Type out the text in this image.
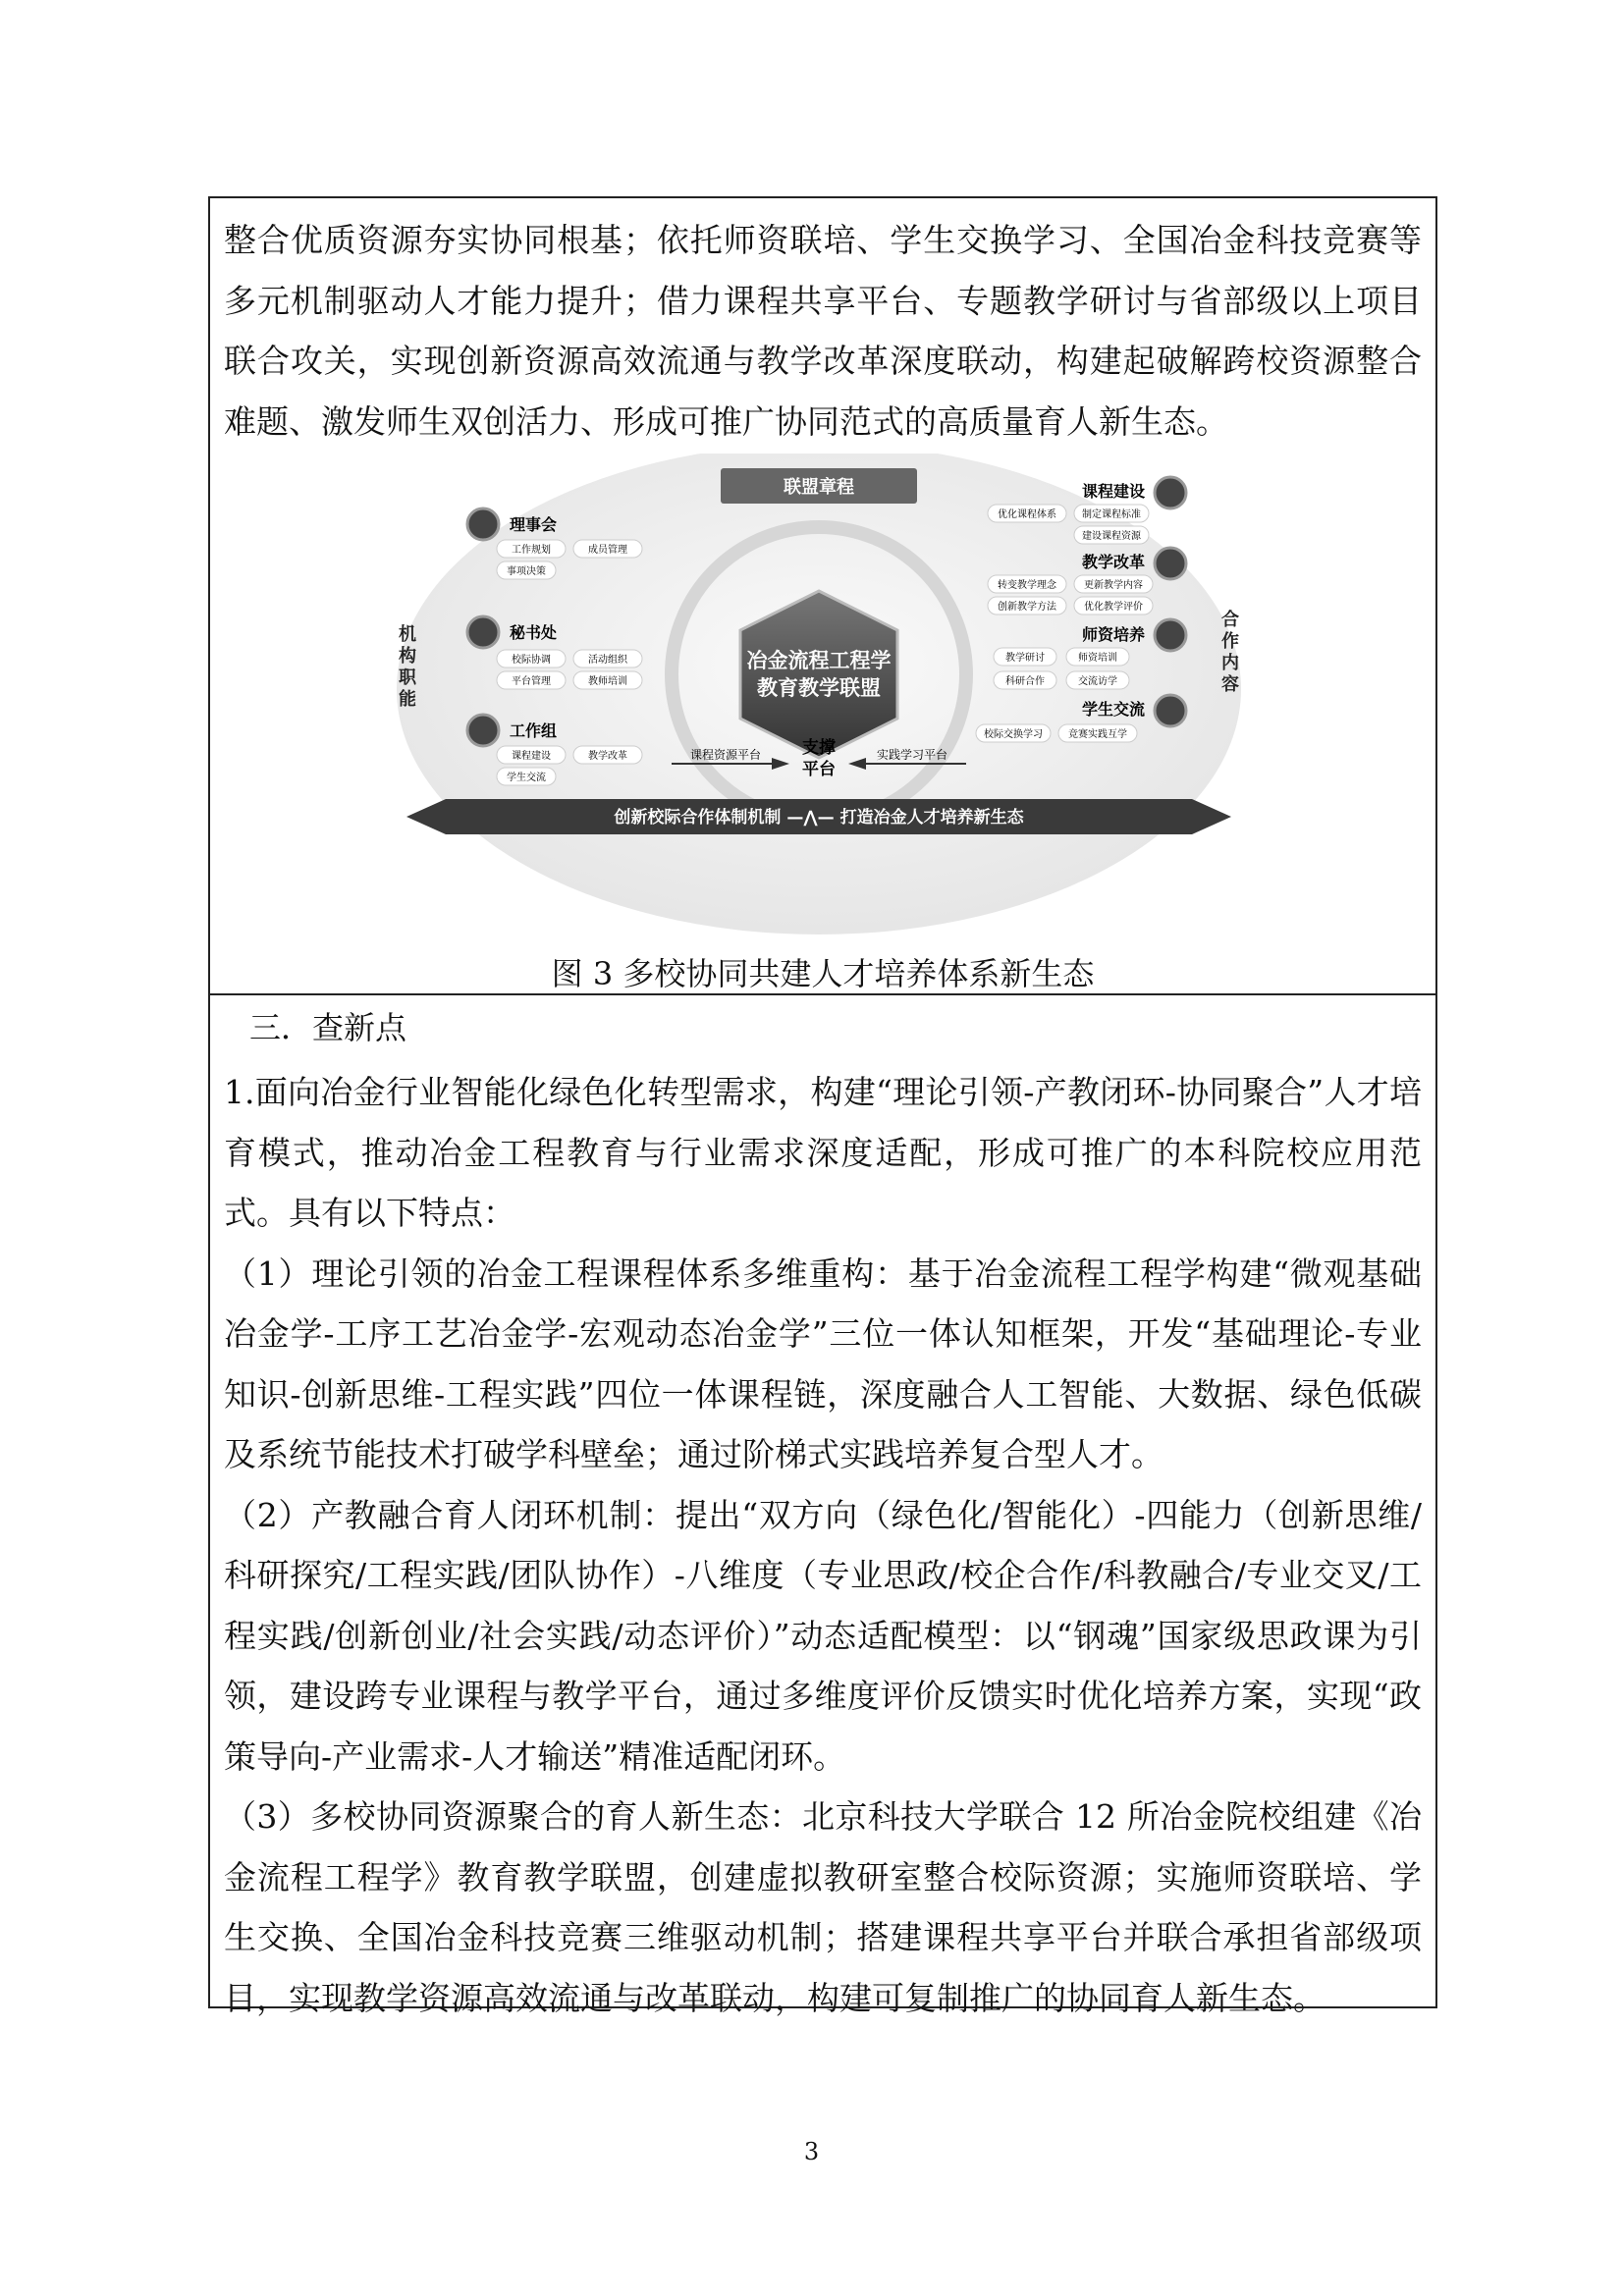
整合优质资源夯实协同根基；依托师资联培、学生交换学习、全国冶金科技竞赛等多元机制驱动人才能力提升；借力课程共享平台、专题教学研讨与省部级以上项目联合攻关，实现创新资源高效流通与教学改革深度联动，构建起破解跨校资源整合难题、激发师生双创活力、形成可推广协同范式的高质量育人新生态。
联盟章程
冶金流程工程学
教育教学联盟
机
构
职
能
合
作
内
容
理事会
工作规划	成员管理
事项决策
秘书处
校际协调	活动组织
平台管理	教师培训
工作组
课程建设	教学改革
学生交流
课程建设
优化课程体系	制定课程标准
建设课程资源
教学改革
转变教学理念	更新教学内容
创新教学方法	优化教学评价
师资培养
教学研讨	师资培训
科研合作	交流访学
学生交流
校际交换学习	竞赛实践互学
支撑
平台
课程资源平台	实践学习平台
创新校际合作体制机制 —⋀— 打造冶金人才培养新生态
图 3 多校协同共建人才培养体系新生态
三．查新点
1.面向冶金行业智能化绿色化转型需求，构建“理论引领-产教闭环-协同聚合”人才培育模式，推动冶金工程教育与行业需求深度适配，形成可推广的本科院校应用范式。具有以下特点：
（1）理论引领的冶金工程课程体系多维重构：基于冶金流程工程学构建“微观基础冶金学-工序工艺冶金学-宏观动态冶金学”三位一体认知框架，开发“基础理论-专业知识-创新思维-工程实践”四位一体课程链，深度融合人工智能、大数据、绿色低碳及系统节能技术打破学科壁垒；通过阶梯式实践培养复合型人才。
（2）产教融合育人闭环机制：提出“双方向（绿色化/智能化）-四能力（创新思维/科研探究/工程实践/团队协作）-八维度（专业思政/校企合作/科教融合/专业交叉/工程实践/创新创业/社会实践/动态评价）”动态适配模型：以“钢魂”国家级思政课为引领，建设跨专业课程与教学平台，通过多维度评价反馈实时优化培养方案，实现“政策导向-产业需求-人才输送”精准适配闭环。
（3）多校协同资源聚合的育人新生态：北京科技大学联合 12 所冶金院校组建《冶金流程工程学》教育教学联盟，创建虚拟教研室整合校际资源；实施师资联培、学生交换、全国冶金科技竞赛三维驱动机制；搭建课程共享平台并联合承担省部级项目，实现教学资源高效流通与改革联动，构建可复制推广的协同育人新生态。
3
